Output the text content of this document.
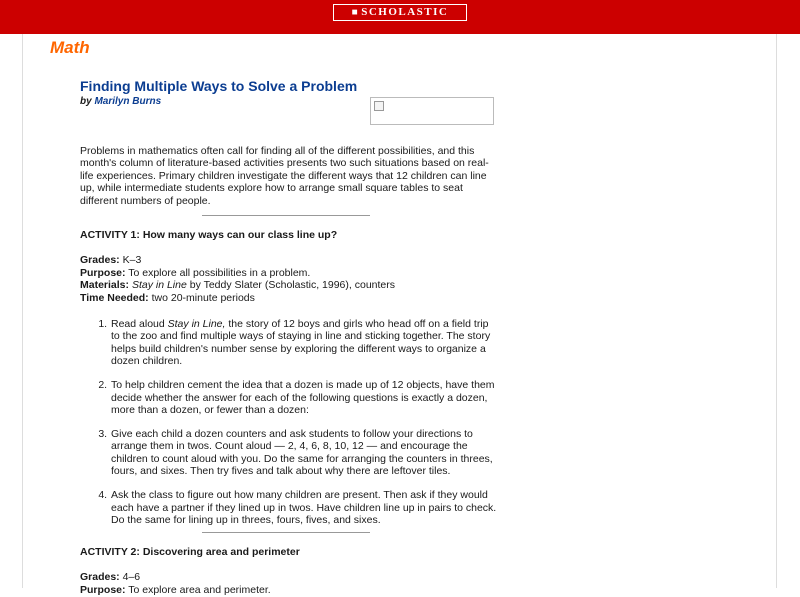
■ SCHOLASTIC
Math
Finding Multiple Ways to Solve a Problem
by Marilyn Burns

Problems in mathematics often call for finding all of the different possibilities, and this month's column of literature-based activities presents two such situations based on real-life experiences. Primary children investigate the different ways that 12 children can line up, while intermediate students explore how to arrange small square tables to seat different numbers of people.

ACTIVITY 1: How many ways can our class line up?

Grades: K–3
Purpose: To explore all possibilities in a problem.
Materials: Stay in Line by Teddy Slater (Scholastic, 1996), counters
Time Needed: two 20-minute periods
1. Read aloud Stay in Line, the story of 12 boys and girls who head off on a field trip to the zoo and find multiple ways of staying in line and sticking together. The story helps build children's number sense by exploring the different ways to organize a dozen children.
2. To help children cement the idea that a dozen is made up of 12 objects, have them decide whether the answer for each of the following questions is exactly a dozen, more than a dozen, or fewer than a dozen:
3. Give each child a dozen counters and ask students to follow your directions to arrange them in twos. Count aloud — 2, 4, 6, 8, 10, 12 — and encourage the children to count aloud with you. Do the same for arranging the counters in threes, fours, and sixes. Then try fives and talk about why there are leftover tiles.
4. Ask the class to figure out how many children are present. Then ask if they would each have a partner if they lined up in twos. Have children line up in pairs to check. Do the same for lining up in threes, fours, fives, and sixes.

ACTIVITY 2: Discovering area and perimeter

Grades: 4–6
Purpose: To explore area and perimeter.
